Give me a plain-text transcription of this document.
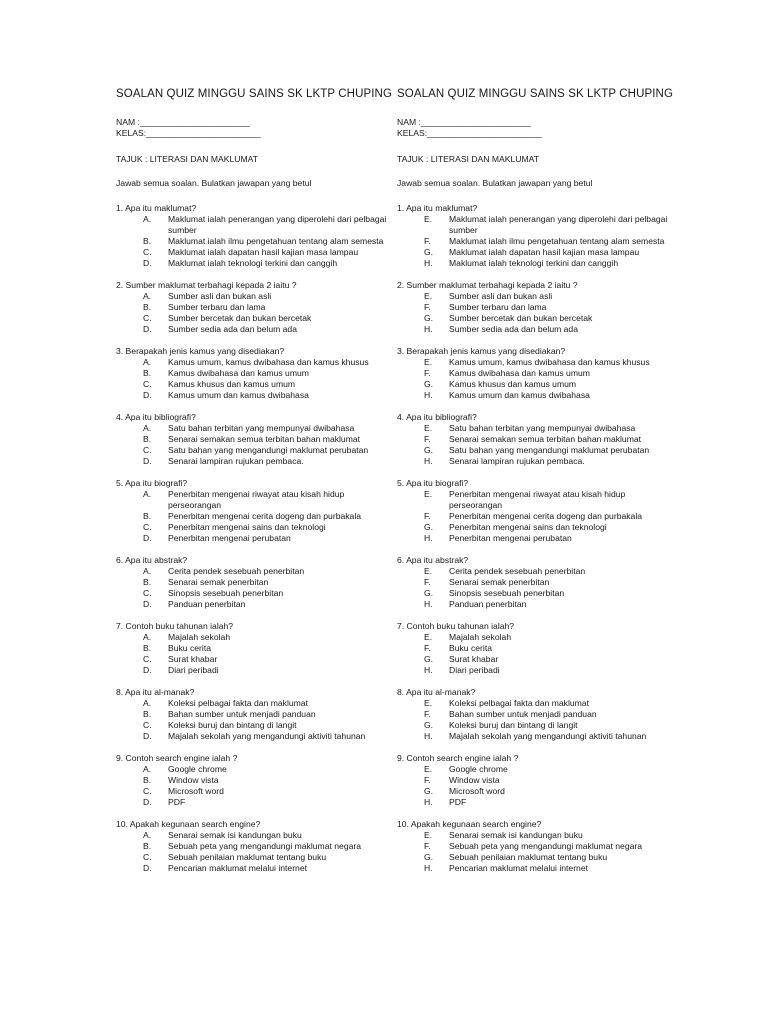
SOALAN QUIZ MINGGU SAINS SK LKTP CHUPING
NAM :_______________________
KELAS:________________________
TAJUK : LITERASI DAN MAKLUMAT
Jawab semua soalan. Bulatkan jawapan yang betul
1. Apa itu maklumat?
A.	Maklumat ialah penerangan yang diperolehi dari pelbagai sumber
B.	Maklumat ialah ilmu pengetahuan tentang alam semesta
C.	Maklumat ialah dapatan hasil kajian masa lampau
D.	Maklumat ialah teknologi terkini dan canggih
2. Sumber maklumat terbahagi kepada 2 iaitu ?
A.	Sumber asli dan bukan asli
B.	Sumber terbaru dan lama
C.	Sumber bercetak dan bukan bercetak
D.	Sumber sedia ada dan belum ada
3. Berapakah jenis kamus yang disediakan?
A.	Kamus umum, kamus dwibahasa dan kamus khusus
B.	Kamus dwibahasa dan kamus umum
C.	Kamus khusus dan kamus umum
D.	Kamus umum dan kamus dwibahasa
4. Apa itu bibliografi?
A.	Satu bahan terbitan yang mempunyai dwibahasa
B.	Senarai semakan semua terbitan bahan maklumat
C.	Satu bahan yang mengandungi maklumat perubatan
D.	Senarai lampiran rujukan pembaca.
5. Apa itu biografi?
A.	Penerbitan mengenai riwayat atau kisah hidup perseorangan
B.	Penerbitan mengenai cerita dogeng dan purbakala
C.	Penerbitan mengenai sains dan teknologi
D.	Penerbitan mengenai perubatan
6. Apa itu abstrak?
A.	Cerita pendek sesebuah penerbitan
B.	Senarai semak penerbitan
C.	Sinopsis sesebuah penerbitan
D.	Panduan penerbitan
7. Contoh buku tahunan ialah?
A.	Majalah sekolah
B.	Buku cerita
C.	Surat khabar
D.	Diari peribadi
8. Apa itu al-manak?
A.	Koleksi pelbagai fakta dan maklumat
B.	Bahan sumber untuk menjadi panduan
C.	Koleksi buruj dan bintang di langit
D.	Majalah sekolah yang mengandungi aktiviti tahunan
9. Contoh search engine ialah ?
A.	Google chrome
B.	Window vista
C.	Microsoft word
D.	PDF
10. Apakah kegunaan search engine?
A.	Senarai semak isi kandungan buku
B.	Sebuah peta yang mengandungi maklumat negara
C.	Sebuah penilaian maklumat tentang buku
D.	Pencarian maklumat melalui internet
SOALAN QUIZ MINGGU SAINS SK LKTP CHUPING
NAM :_______________________
KELAS:________________________
TAJUK : LITERASI DAN MAKLUMAT
Jawab semua soalan. Bulatkan jawapan yang betul
1. Apa itu maklumat?
E.	Maklumat ialah penerangan yang diperolehi dari pelbagai sumber
F.	Maklumat ialah ilmu pengetahuan tentang alam semesta
G.	Maklumat ialah dapatan hasil kajian masa lampau
H.	Maklumat ialah teknologi terkini dan canggih
2. Sumber maklumat terbahagi kepada 2 iaitu ?
E.	Sumber asli dan bukan asli
F.	Sumber terbaru dan lama
G.	Sumber bercetak dan bukan bercetak
H.	Sumber sedia ada dan belum ada
3. Berapakah jenis kamus yang disediakan?
E.	Kamus umum, kamus dwibahasa dan kamus khusus
F.	Kamus dwibahasa dan kamus umum
G.	Kamus khusus dan kamus umum
H.	Kamus umum dan kamus dwibahasa
4. Apa itu bibliografi?
E.	Satu bahan terbitan yang mempunyai dwibahasa
F.	Senarai semakan semua terbitan bahan maklumat
G.	Satu bahan yang mengandungi maklumat perubatan
H.	Senarai lampiran rujukan pembaca.
5. Apa itu biografi?
E.	Penerbitan mengenai riwayat atau kisah hidup perseorangan
F.	Penerbitan mengenai cerita dogeng dan purbakala
G.	Penerbitan mengenai sains dan teknologi
H.	Penerbitan mengenai perubatan
6. Apa itu abstrak?
E.	Cerita pendek sesebuah penerbitan
F.	Senarai semak penerbitan
G.	Sinopsis sesebuah penerbitan
H.	Panduan penerbitan
7. Contoh buku tahunan ialah?
E.	Majalah sekolah
F.	Buku cerita
G.	Surat khabar
H.	Diari peribadi
8. Apa itu al-manak?
E.	Koleksi pelbagai fakta dan maklumat
F.	Bahan sumber untuk menjadi panduan
G.	Koleksi buruj dan bintang di langit
H.	Majalah sekolah yang mengandungi aktiviti tahunan
9. Contoh search engine ialah ?
E.	Google chrome
F.	Window vista
G.	Microsoft word
H.	PDF
10. Apakah kegunaan search engine?
E.	Senarai semak isi kandungan buku
F.	Sebuah peta yang mengandungi maklumat negara
G.	Sebuah penilaian maklumat tentang buku
H.	Pencarian maklumat melalui internet
